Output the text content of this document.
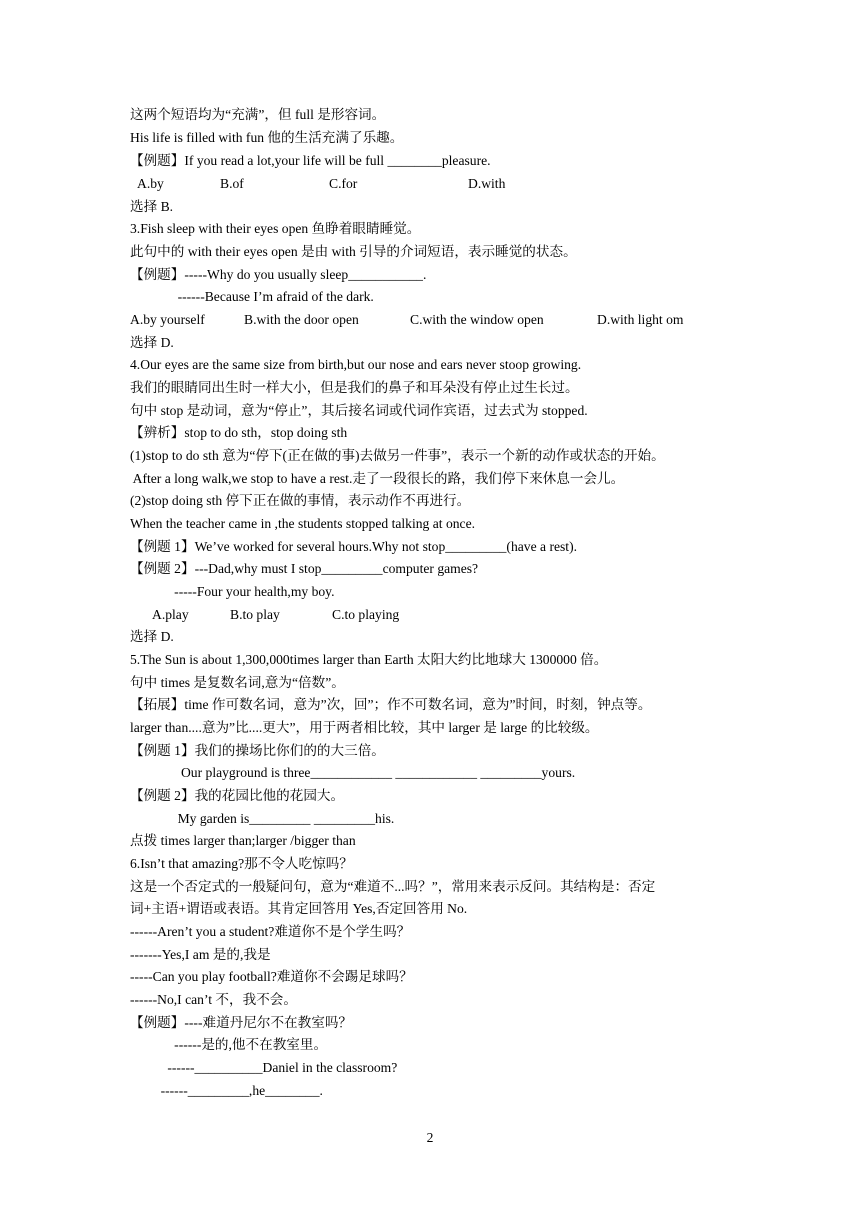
这两个短语均为“充满”，但 full 是形容词。
His life is filled with fun 他的生活充满了乐趣。
【例题】If you read a lot,your life will be full ________pleasure.
A.by	B.of	C.for	D.with
选择 B.
3.Fish sleep with their eyes open 鱼睁着眼睛睡觉。
此句中的 with their eyes open 是由 with 引导的介词短语，表示睡觉的状态。
【例题】-----Why do you usually sleep___________.
------Because I’m afraid of the dark.
A.by yourself	B.with the door open	C.with the window open	D.with light om
选择 D.
4.Our eyes are the same size from birth,but our nose and ears never stoop growing.
我们的眼睛同出生时一样大小，但是我们的鼻子和耳朵没有停止过生长过。
句中 stop 是动词，意为“停止”，其后接名词或代词作宾语，过去式为 stopped.
【辨析】stop to do sth，stop doing sth
(1)stop to do sth 意为“停下(正在做的事)去做另一件事”，表示一个新的动作或状态的开始。
After a long walk,we stop to have a rest.走了一段很长的路，我们停下来休息一会儿。
(2)stop doing sth 停下正在做的事情，表示动作不再进行。
When the teacher came in ,the students stopped talking at once.
【例题 1】We’ve worked for several hours.Why not stop_________(have a rest).
【例题 2】---Dad,why must I stop_________computer games?
-----Four your health,my boy.
A.play	B.to play	C.to playing
选择 D.
5.The Sun is about 1,300,000times larger than Earth 太阳大约比地球大 1300000 倍。
句中 times 是复数名词,意为“倍数”。
【拓展】time 作可数名词，意为”次，回”；作不可数名词，意为”时间，时刻，钟点等。
larger than....意为”比....更大”，用于两者相比较，其中 larger 是 large 的比较级。
【例题 1】我们的操场比你们的的大三倍。
Our playground is three____________ ____________ _________yours.
【例题 2】我的花园比他的花园大。
My garden is_________ _________his.
点拨 times larger than;larger /bigger than
6.Isn’t that amazing?那不令人吃惊吗？
这是一个否定式的一般疑问句，意为“难道不...吗？”，常用来表示反问。其结构是：否定
词+主语+谓语或表语。其肯定回答用 Yes,否定回答用 No.
------Aren’t you a student?难道你不是个学生吗？
-------Yes,I am 是的,我是
-----Can you play football?难道你不会踢足球吗？
------No,I can’t 不，我不会。
【例题】----难道丹尼尔不在教室吗？
------是的,他不在教室里。
------__________Daniel in the classroom?
------_________,he________.
2
